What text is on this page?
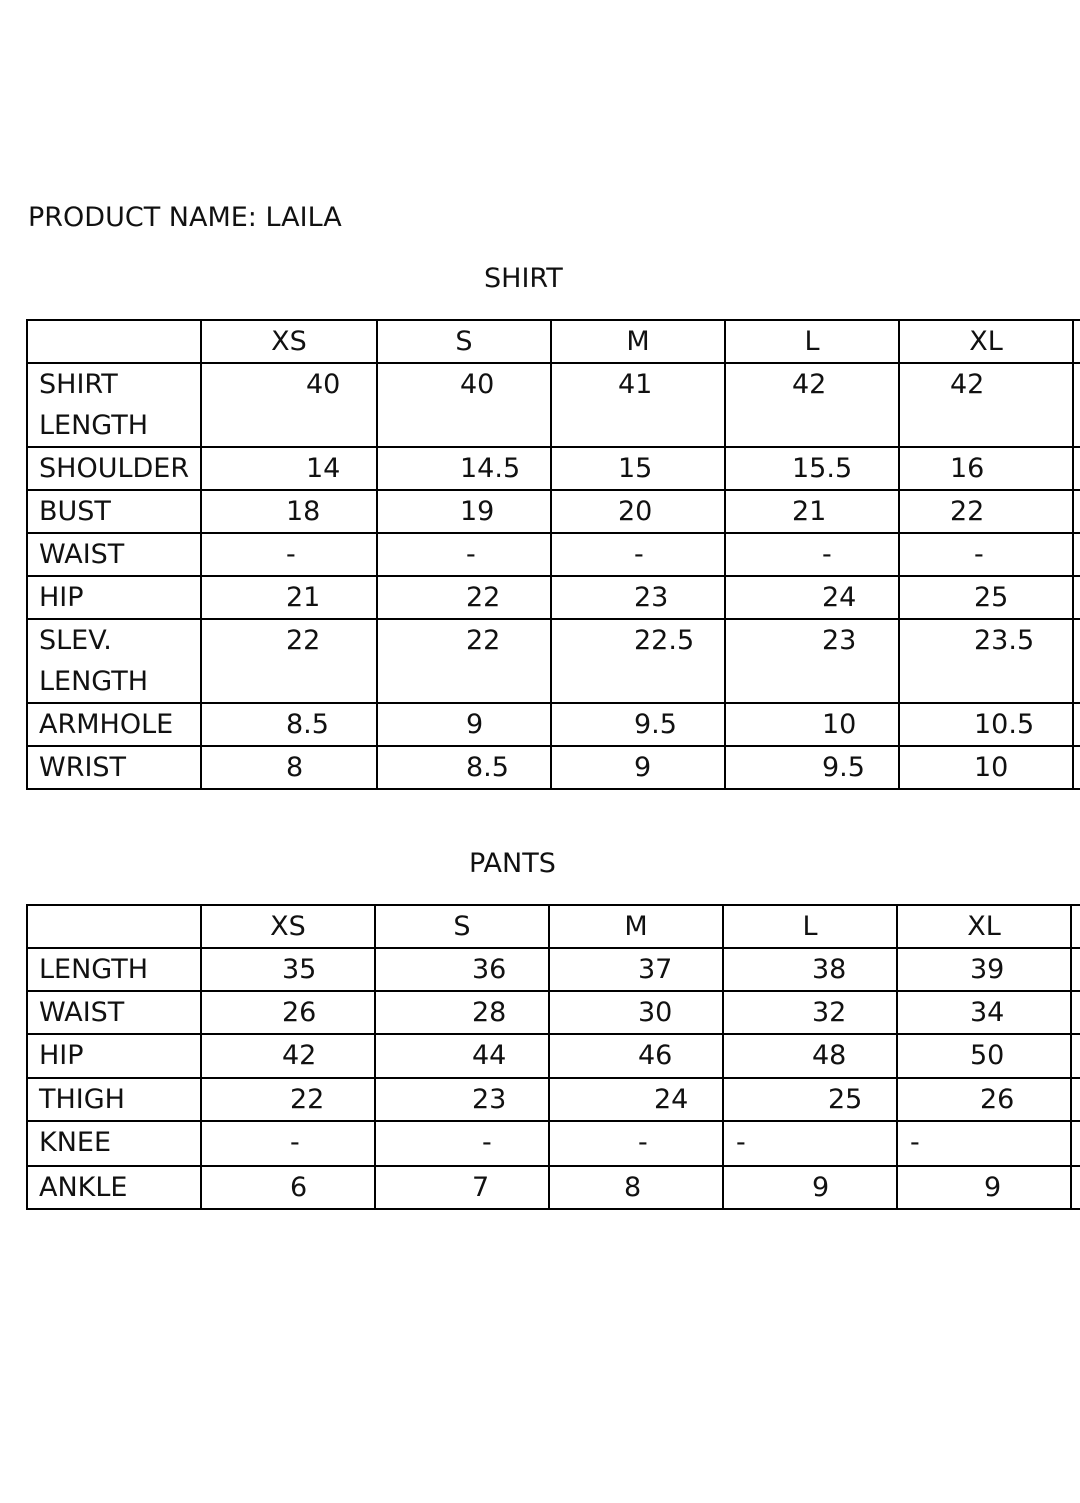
PRODUCT NAME: LAILA
SHIRT
PANTS
	XS	S	M	L	XL	
SHIRT LENGTH	40	40	41	42	42	
SHOULDER	14	14.5	15	15.5	16	
BUST	18	19	20	21	22	
WAIST	-	-	-	-	-	
HIP	21	22	23	24	25	
SLEV. LENGTH	22	22	22.5	23	23.5	
ARMHOLE	8.5	9	9.5	10	10.5	
WRIST	8	8.5	9	9.5	10	
	XS	S	M	L	XL	
LENGTH	35	36	37	38	39	
WAIST	26	28	30	32	34	
HIP	42	44	46	48	50	
THIGH	22	23	24	25	26	
KNEE	-	-	-	-	-	
ANKLE	6	7	8	9	9	
